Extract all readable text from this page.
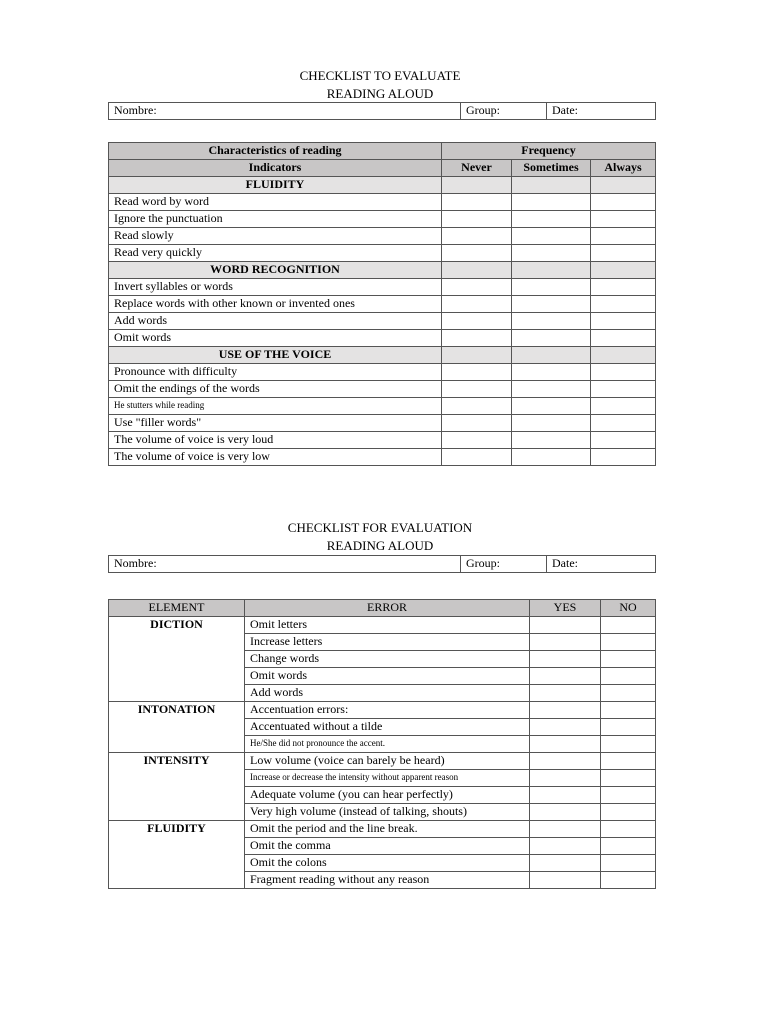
CHECKLIST TO EVALUATE
READING ALOUD
Nombre:	Group:	Date:
Characteristics of reading	Frequency		
Indicators	Never	Sometimes	Always
FLUIDITY			
Read word by word			
Ignore the punctuation			
Read slowly			
Read very quickly			
WORD RECOGNITION			
Invert syllables or words			
Replace words with other known or invented ones			
Add words			
Omit words			
USE OF THE VOICE			
Pronounce with difficulty			
Omit the endings of the words			
He stutters while reading			
Use "filler words"			
The volume of voice is very loud			
The volume of voice is very low			
CHECKLIST FOR EVALUATION
READING ALOUD
Nombre:	Group:	Date:
ELEMENT	ERROR	YES	NO
DICTION	Omit letters		
	Increase letters		
	Change words		
	Omit words		
	Add words		
INTONATION	Accentuation errors:		
	Accentuated without a tilde		
	He/She did not pronounce the accent.		
INTENSITY	Low volume (voice can barely be heard)		
	Increase or decrease the intensity without apparent reason		
	Adequate volume (you can hear perfectly)		
	Very high volume (instead of talking, shouts)		
FLUIDITY	Omit the period and the line break.		
	Omit the comma		
	Omit the colons		
	Fragment reading without any reason		
